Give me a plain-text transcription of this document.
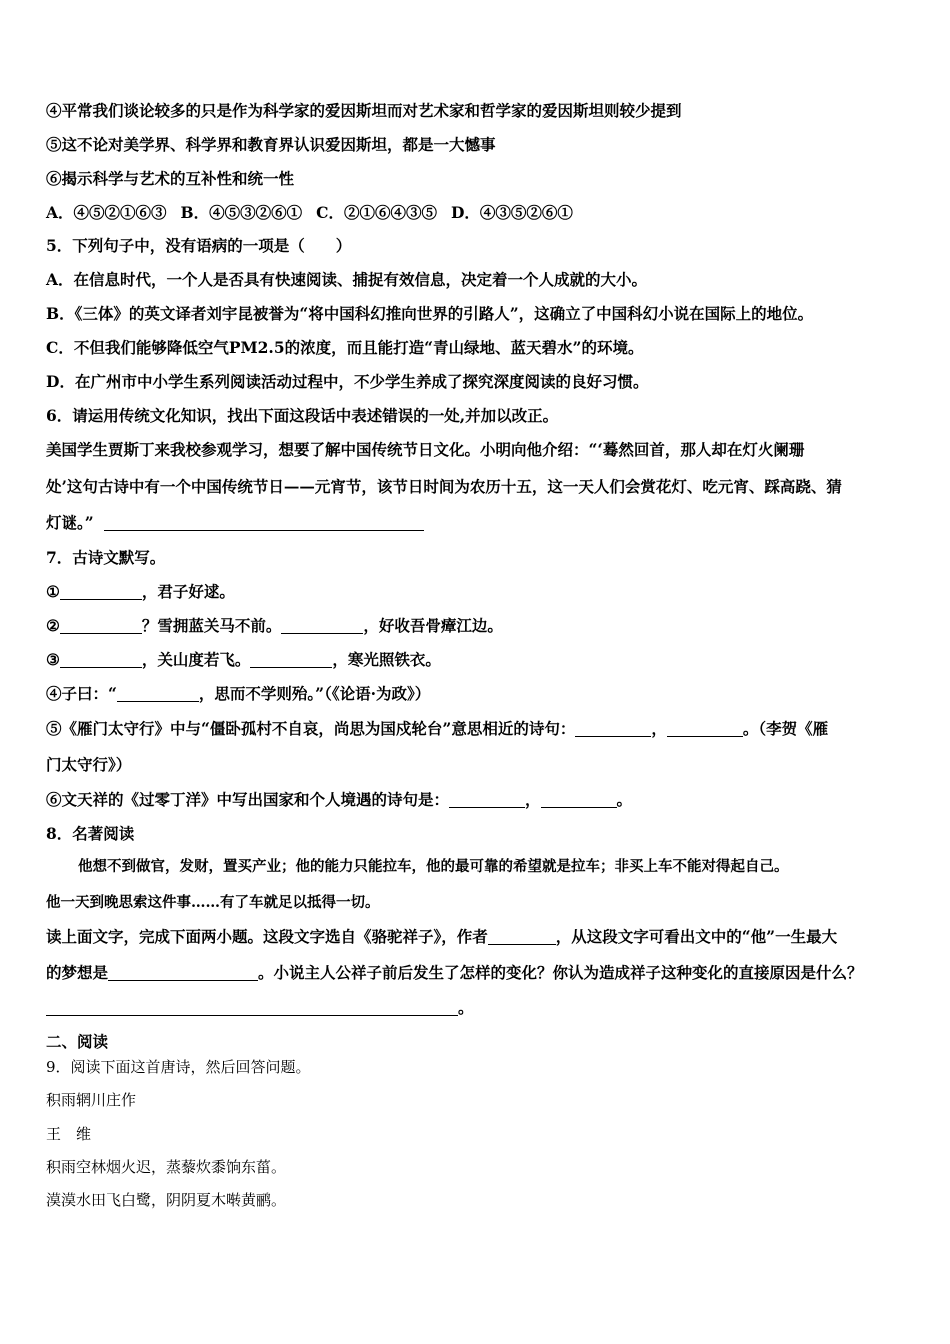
④平常我们谈论较多的只是作为科学家的爱因斯坦而对艺术家和哲学家的爱因斯坦则较少提到
⑤这不论对美学界、科学界和教育界认识爱因斯坦，都是一大憾事
⑥揭示科学与艺术的互补性和统一性
A．④⑤②①⑥③ B．④⑤③②⑥① C．②①⑥④③⑤ D．④③⑤②⑥①
5．下列句子中，没有语病的一项是（　　）
A．在信息时代，一个人是否具有快速阅读、捕捉有效信息，决定着一个人成就的大小。
B．《三体》的英文译者刘宇昆被誉为“将中国科幻推向世界的引路人”，这确立了中国科幻小说在国际上的地位。
C．不但我们能够降低空气PM2.5的浓度，而且能打造“青山绿地、蓝天碧水”的环境。
D．在广州市中小学生系列阅读活动过程中，不少学生养成了探究深度阅读的良好习惯。
6．请运用传统文化知识，找出下面这段话中表述错误的一处,并加以改正。
美国学生贾斯丁来我校参观学习，想要了解中国传统节日文化。小明向他介绍：“‘蓦然回首，那人却在灯火阑珊
处’这句古诗中有一个中国传统节日——元宵节，该节日时间为农历十五，这一天人们会赏花灯、吃元宵、踩高跷、猜
灯谜。”
7．古诗文默写。
①	，君子好逑。
②	？雪拥蓝关马不前。	，好收吾骨瘴江边。
③	，关山度若飞。	，寒光照铁衣。
④子曰：“	，思而不学则殆。”（《论语·为政》）
⑤《雁门太守行》中与“僵卧孤村不自哀，尚思为国戍轮台”意思相近的诗句：	，	。（李贺《雁
门太守行》）
⑥文天祥的《过零丁洋》中写出国家和个人境遇的诗句是：	，	。
8．名著阅读
他想不到做官，发财，置买产业；他的能力只能拉车，他的最可靠的希望就是拉车；非买上车不能对得起自己。
他一天到晚思索这件事……有了车就足以抵得一切。
读上面文字，完成下面两小题。这段文字选自《骆驼祥子》，作者	，从这段文字可看出文中的“他”一生最大
的梦想是	。小说主人公祥子前后发生了怎样的变化？你认为造成祥子这种变化的直接原因是什么？
。
二、阅读
9．阅读下面这首唐诗，然后回答问题。
积雨辋川庄作
王　维
积雨空林烟火迟，蒸藜炊黍饷东菑。
漠漠水田飞白鹭，阴阴夏木啭黄鹂。
